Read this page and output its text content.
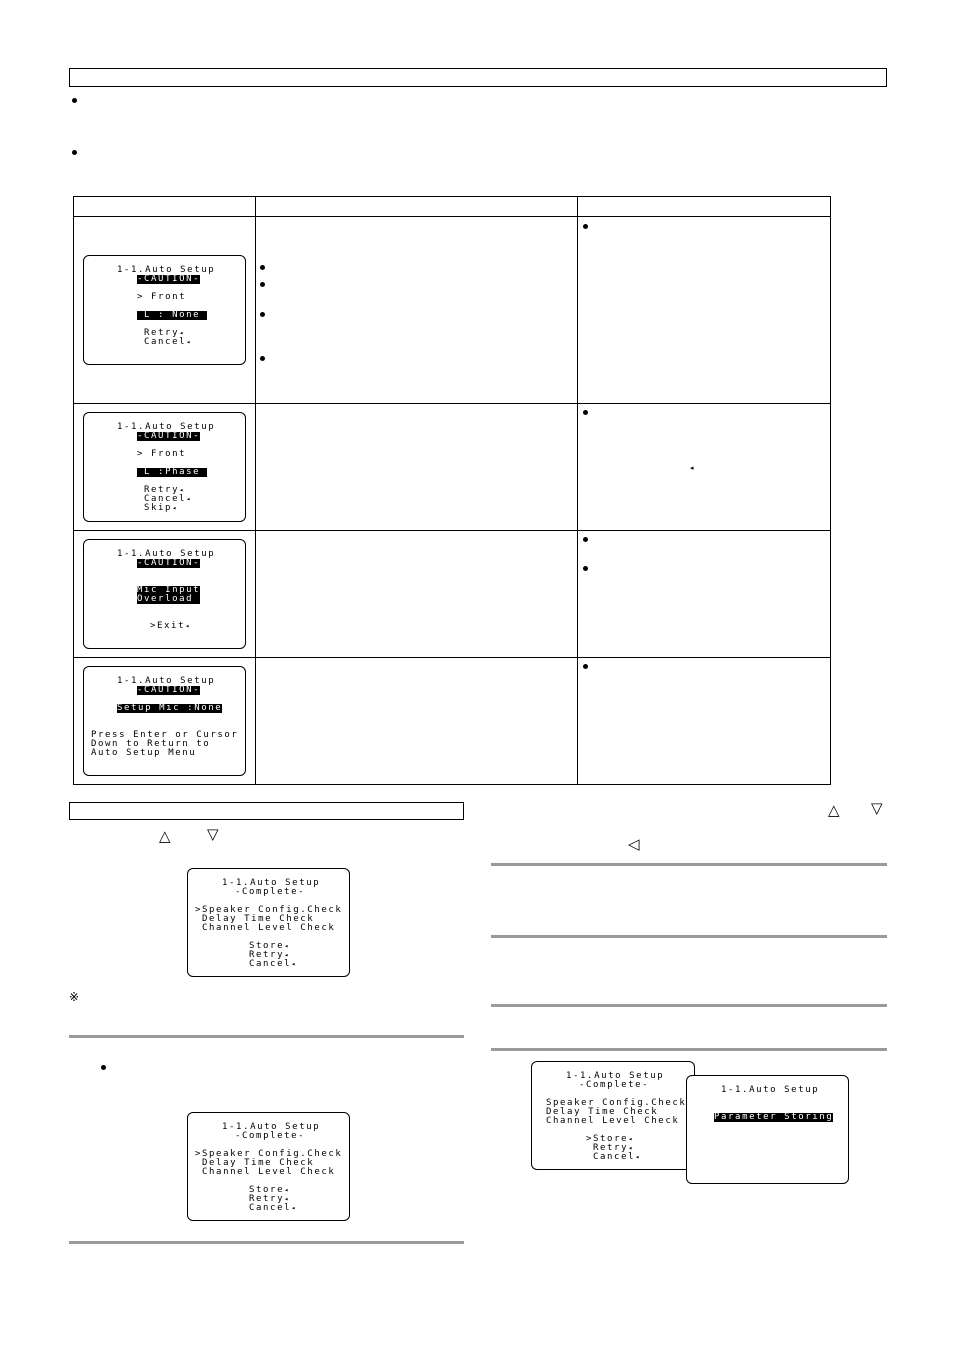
◂
1-1.Auto Setup
-CAUTION-
> Front
L : None
Retry◂
Cancel◂
1-1.Auto Setup
-CAUTION-
> Front
L :Phase
Retry◂
Cancel◂
Skip◂
1-1.Auto Setup
-CAUTION-
Mic Input
Overload
>Exit◂
1-1.Auto Setup
-CAUTION-
Setup Mic :None
Press Enter or Cursor
Down to Return to
Auto Setup Menu
△ ▽
1-1.Auto Setup
-Complete-
>Speaker Config.Check
Delay Time Check
Channel Level Check
Store◂
Retry◂
Cancel◂
※
1-1.Auto Setup
-Complete-
>Speaker Config.Check
Delay Time Check
Channel Level Check
Store◂
Retry◂
Cancel◂
△ ▽
◁
1-1.Auto Setup
-Complete-
Speaker Config.Check
Delay Time Check
Channel Level Check
>Store◂
Retry◂
Cancel◂
1-1.Auto Setup
Parameter Storing
